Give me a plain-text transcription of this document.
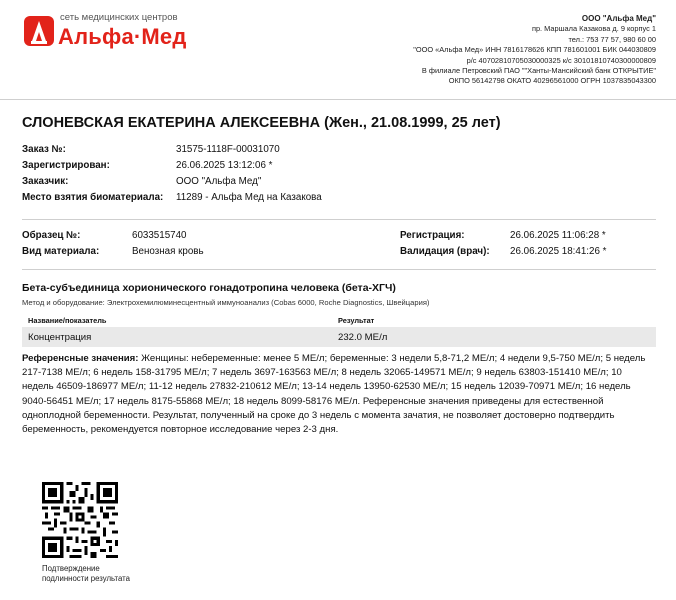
сеть медицинских центров
Альфа·Мед
ООО "Альфа Мед"
пр. Маршала Казакова д. 9 корпус 1
тел.: 753 77 57, 980 60 00
"ООО «Альфа Мед» ИНН 7816178626 КПП 781601001 БИК 044030809
р/с 40702810705030000325 к/с 30101810740300000809
В филиале Петровский ПАО ""Ханты-Мансийский банк ОТКРЫТИЕ"
ОКПО 56142798 ОКАТО 40296561000 ОГРН 1037835043300
СЛОНЕВСКАЯ ЕКАТЕРИНА АЛЕКСЕЕВНА (Жен., 21.08.1999, 25 лет)
Заказ №:	31575-1118F-00031070
Зарегистрирован:	26.06.2025 13:12:06 *
Заказчик:	ООО "Альфа Мед"
Место взятия биоматериала: 11289 - Альфа Мед на Казакова
Образец №:	6033515740
Вид материала:	Венозная кровь
Регистрация:	26.06.2025 11:06:28 *
Валидация (врач): 26.06.2025 18:41:26 *
Бета-субъединица хорионического гонадотропина человека (бета-ХГЧ)
Метод и оборудование: Электрохемилюминесцентный иммуноанализ (Cobas 6000, Roche Diagnostics, Швейцария)
Название/показатель	Результат
Концентрация	232.0 МЕ/л
Референсные значения: Женщины: небеременные: менее 5 МЕ/л; беременные: 3 недели 5,8-71,2 МЕ/л; 4 недели 9,5-750 МЕ/л; 5 недель 217-7138 МЕ/л; 6 недель 158-31795 МЕ/л; 7 недель 3697-163563 МЕ/л; 8 недель 32065-149571 МЕ/л; 9 недель 63803-151410 МЕ/л; 10 недель 46509-186977 МЕ/л; 11-12 недель 27832-210612 МЕ/л; 13-14 недель 13950-62530 МЕ/л; 15 недель 12039-70971 МЕ/л; 16 недель 9040-56451 МЕ/л; 17 недель 8175-55868 МЕ/л; 18 недель 8099-58176 МЕ/л. Референсные значения приведены для естественной одноплодной беременности. Результат, полученный на сроке до 3 недель с момента зачатия, не позволяет достоверно подтвердить беременность, рекомендуется повторное исследование через 2-3 дня.
Подтверждение
подлинности результата
